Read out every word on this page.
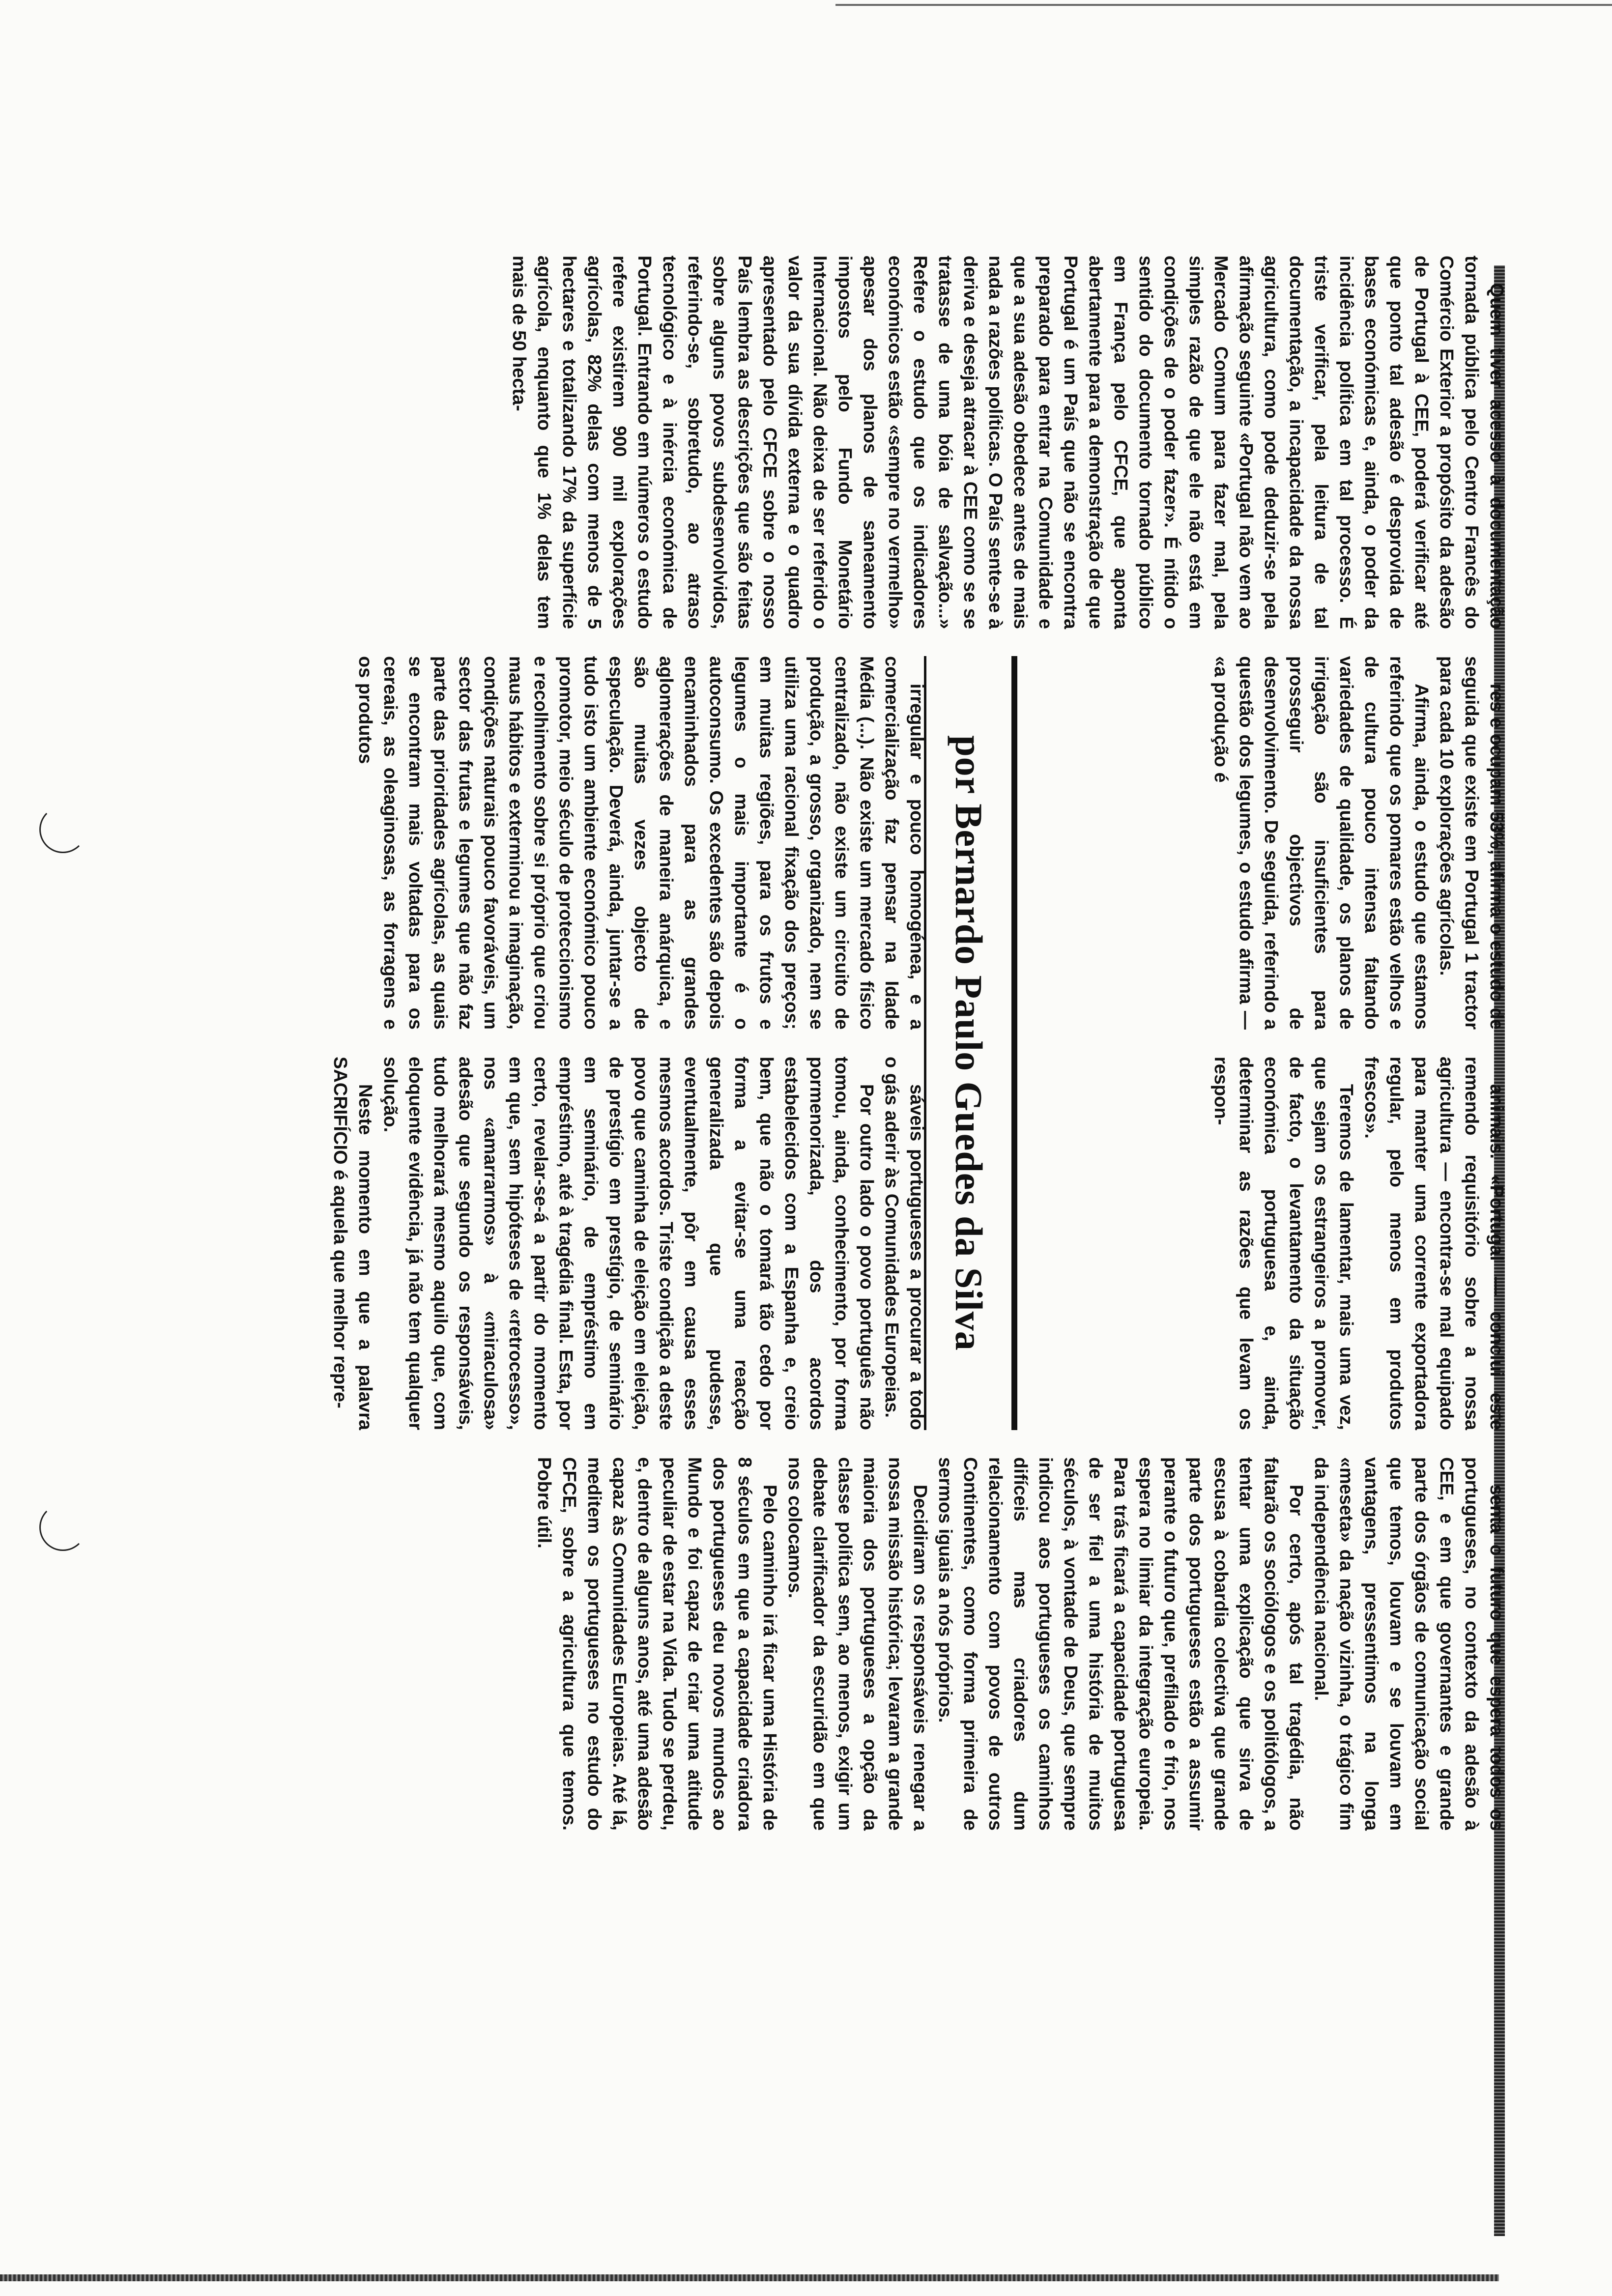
Quem tiver acesso à documentação tornada pública pelo Centro Francês do Comércio Exterior a propósito da adesão de Portugal à CEE, poderá verificar até que ponto tal adesão é desprovida de bases económicas e, ainda, o poder da incidência política em tal processo. É triste verificar, pela leitura de tal documentação, a incapacidade da nossa agricultura, como pode deduzir-se pela afirmação seguinte «Portugal não vem ao Mercado Comum para fazer mal, pela simples razão de que ele não está em condições de o poder fazer». É nítido o sentido do documento tornado público em França pelo CFCE, que aponta abertamente para a demonstração de que Portugal é um País que não se encontra preparado para entrar na Comunidade e que a sua adesão obedece antes de mais nada a razões políticas. O País sente-se à deriva e deseja atracar à CEE como se se tratasse de uma bóia de salvação...» Refere o estudo que os indicadores económicos estão «sempre no vermelho» apesar dos planos de saneamento impostos pelo Fundo Monetário Internacional. Não deixa de ser referido o valor da sua dívida externa e o quadro apresentado pelo CFCE sobre o nosso País lembra as descrições que são feitas sobre alguns povos subdesenvolvidos, referindo-se, sobretudo, ao atraso tecnológico e à inércia económica de Portugal. Entrando em números o estudo refere existirem 900 mil explorações agrícolas, 82% delas com menos de 5 hectares e totalizando 17% da superfície agrícola, enquanto que 1% delas tem mais de 50 hecta-

res e ocupam 53%; afirma o estudo de seguida que existe em Portugal 1 tractor para cada 10 explorações agrícolas.

Afirma, ainda, o estudo que estamos referindo que os pomares estão velhos e de cultura pouco intensa faltando variedades de qualidade, os planos de irrigação são insuficientes para prosseguir objectivos de desenvolvimento. De seguida, referindo a questão dos legumes, o estudo afirma — «a produção é

animais. «Portugal — conclui este remendo requisitório sobre a nossa agricultura — encontra-se mal equipado para manter uma corrente exportadora regular, pelo menos em produtos frescos».

Teremos de lamentar, mais uma vez, que sejam os estrangeiros a promover, de facto, o levantamento da situação económica portuguesa e, ainda, determinar as razões que levam os respon-

por Bernardo Paulo Guedes da Silva

irregular e pouco homogénea, e a comercialização faz pensar na Idade Média (...). Não existe um mercado físico centralizado, não existe um circuito de produção, a grosso, organizado, nem se utiliza uma racional fixação dos preços; em muitas regiões, para os frutos e legumes o mais importante é o autoconsumo. Os excedentes são depois encaminhados para as grandes aglomerações de maneira anárquica, e são muitas vezes objecto de especulação. Deverá, ainda, juntar-se a tudo isto um ambiente económico pouco promotor, meio século de proteccionismo e recolhimento sobre si próprio que criou maus hábitos e exterminou a imaginação, condições naturais pouco favoráveis, um sector das frutas e legumes que não faz parte das prioridades agrícolas, as quais se encontram mais voltadas para os cereais, as oleaginosas, as forragens e os produtos

sáveis portugueses a procurar a todo o gás aderir às Comunidades Europeias.

Por outro lado o povo português não tomou, ainda, conhecimento, por forma pormenorizada, dos acordos estabelecidos com a Espanha e, creio bem, que não o tomará tão cedo por forma a evitar-se uma reacção generalizada que pudesse, eventualmente, pôr em causa esses mesmos acordos. Triste condição a deste povo que caminha de eleição em eleição, de prestígio em prestígio, de seminário em seminário, de empréstimo em empréstimo, até à tragédia final. Esta, por certo, revelar-se-á a partir do momento em que, sem hipóteses de «retrocesso», nos «amarrarmos» à «miraculosa» adesão que segundo os responsáveis, tudo melhorará mesmo aquilo que, com eloquente evidência, já não tem qualquer solução.

Neste momento em que a palavra SACRIFÍCIO é aquela que melhor repre-

senta o futuro que espera todos os portugueses, no contexto da adesão à CEE, e em que governantes e grande parte dos órgãos de comunicação social que temos, louvam e se louvam em vantagens, pressentimos na longa «meseta» da nação vizinha, o trágico fim da independência nacional.

Por certo, após tal tragédia, não faltarão os sociólogos e os politólogos, a tentar uma explicação que sirva de escusa à cobardia colectiva que grande parte dos portugueses estão a assumir perante o futuro que, prefilado e frio, nos espera no limiar da integração europeia. Para trás ficará a capacidade portuguesa de ser fiel a uma história de muitos séculos, à vontade de Deus, que sempre indicou aos portugueses os caminhos difíceis mas criadores dum relacionamento com povos de outros Continentes, como forma primeira de sermos iguais a nós próprios.

Decidiram os responsáveis renegar a nossa missão histórica; levaram a grande maioria dos portugueses a opção da classe política sem, ao menos, exigir um debate clarificador da escuridão em que nos colocamos.

Pelo caminho irá ficar uma História de 8 séculos em que a capacidade criadora dos portugueses deu novos mundos ao Mundo e foi capaz de criar uma atitude peculiar de estar na Vida. Tudo se perdeu, e, dentro de alguns anos, até uma adesão capaz às Comunidades Europeias. Até lá, meditem os portugueses no estudo do CFCE, sobre a agricultura que temos. Pobre útil.
